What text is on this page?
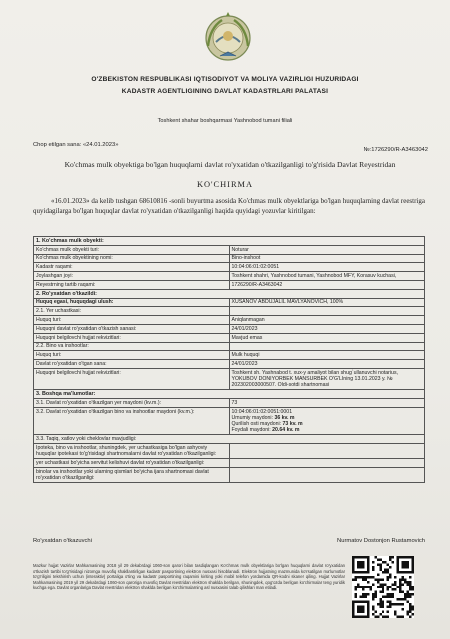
O'ZBEKISTON RESPUBLIKASI IQTISODIYOT VA MOLIYA VAZIRLIGI HUZURIDAGI
KADASTR AGENTLIGINING DAVLAT KADASTRLARI PALATASI
Toshkent shahar boshqarmasi Yashnobod tumani filiali
Chop etilgan sana: «24.01.2023»
№:1726290/R-A3463042
Ko'chmas mulk obyektiga bo'lgan huquqlarni davlat ro'yxatidan o'tkazilganligi to'g'risida Davlat Reyestridan
KO'CHIRMA
«16.01.2023» da kelib tushgan 68610816 -sonli buyurtma asosida Ko'chmas mulk obyektlariga bo'lgan huquqlarning davlat reestriga quyidagilarga bo'lgan huquqlar davlat ro'yxatidan o'tkazilganligi haqida quyidagi yozuvlar kiritilgan:
1. Ko'chmas mulk obyekti:	
Ko'chmas mulk obyekti turi:	Noturar
Ko'chmas mulk obyektining nomi:	Bino-inshoot
Kadastr raqami:	10:04:06:01:02:0051
Joylashgan joyi:	Toshkent shahri, Yashnobod tumani, Yashnobod MFY, Korasuv kuchasi,
Reyestrning tartib raqami:	1726290/R-A3463042
2. Ro'yxatdan o'tkazildi:	
Huquq egasi, huquqdagi ulush:	XUSANOV ABDUJALIL MAVLYANOVICH, 100%
2.1. Yer uchastkasi:	
Huquq turi:	Aniqlanmagan
Huquqni davlat ro'yxatidan o'tkazish sanasi:	24/01/2023
Huquqni belgilovchi hujjat rekvizitlari:	Mavjud emas
2.2. Bino va inshootlar:	
Huquq turi:	Mulk huquqi
Davlat ro'yxatidan o'tgan sana:	24/01/2023
Huquqni belgilovchi hujjat rekvizitlari:	Toshkent sh. Yashnabod t. xux-y amaliyot bilan shug`ullanuvchi notarius, YOKUBOV DONIYORBEK MANSURBEK O'G'LIning 13.01.2023 y. № 202302003000507. Oldi-sotdi shartnomasi
3. Boshqa ma'lumotlar:	
3.1. Davlat ro'yxatidan o'tkazilgan yer maydoni (kv.m.):	73
3.2. Davlat ro'yxatidan o'tkazilgan bino va inshootlar maydoni (kv.m.):	10:04:06:01:02:0051:0001
Umumiy maydoni: 36 kv. m
Qurilish osti maydoni: 73 kv. m
Foydali maydoni: 20.64 kv. m

3.3. Taqiq, xatlov yoki cheklovlar mavjudligi:	
Ipoteka, bino va inshootlar, shuningdek, yer uchastkasiga bo'lgan ashyoviy huquqlar ipotekasi to'g'risidagi shartnomalarni davlat ro'yxatidan o'tkazilganligi:	
yer uchastkasi bo'yicha servitut kelishuvi davlat ro'yxatidan o'tkazilganligi:	
binolar va inshootlar yoki ularning qismlari bo'yicha ijara shartnomasi davlat ro'yxatidan o'tkazilganligi:	
Ro'yxatdan o'tkazuvchi	Nurmatov Dostonjon Rustamovich
Mazkur hujjat Vazirlar Mahkamasining 2018 yil 29 dekabrdagi 1060-son qarori bilan tasdiqlangan Ko'chmas mulk obyektlariga bo'lgan huquqlarni davlat ro'yxatidan o'tkazish tartibi to'g'risidagi nizomga muvofiq shakllantirilgan kadastr pasportining elektron nusxasi hisoblanadi. Elektron hujjatning mazmunida ko'rsatilgan ma'lumotlar to'g'riligini tekshirish uchun (interaktiv) portaliga o'ting va kadastr pasportining raqamini kiriting yoki mobil telefon yordamida QR-kodni skaner qiling. Hujjat Vazirlar Mahkamasining 2019 yil 29 dekabrdagi 1060-son qaroriga muvofiq Davlat reestridan elektron shaklda berilgan, shuningdek, qog'ozda berilgan ko'chirmalar teng yuridik kuchga ega. Davlat organlariga Davlat reestridan elektron shaklda berilgan ko'chirmalarning asl nusxasini talab qilishlari man etiladi.
